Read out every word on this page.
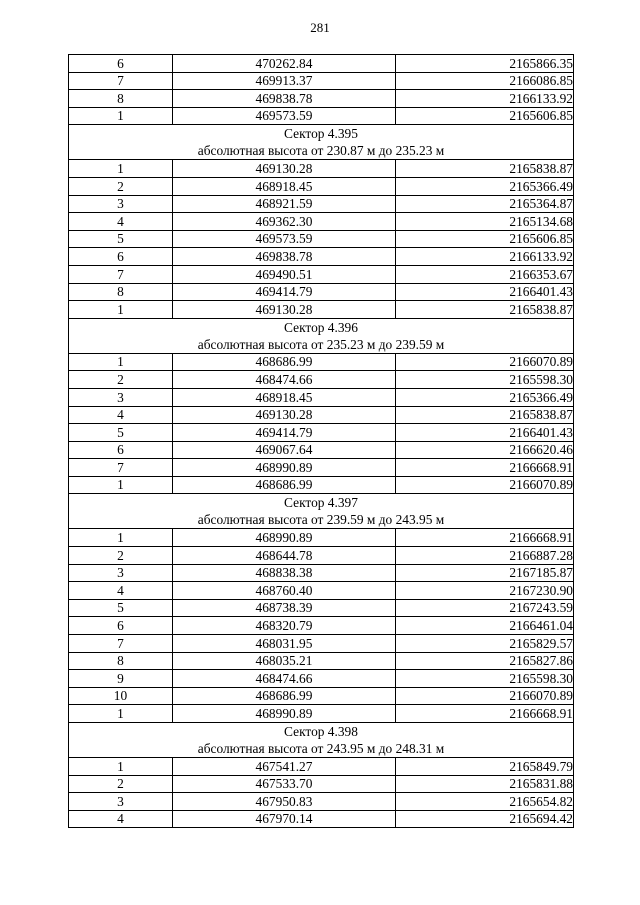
281
6	470262.84	2165866.35
7	469913.37	2166086.85
8	469838.78	2166133.92
1	469573.59	2165606.85

Сектор 4.395
абсолютная высота от 230.87 м до 235.23 м		

1	469130.28	2165838.87
2	468918.45	2165366.49
3	468921.59	2165364.87
4	469362.30	2165134.68
5	469573.59	2165606.85
6	469838.78	2166133.92
7	469490.51	2166353.67
8	469414.79	2166401.43
1	469130.28	2165838.87

Сектор 4.396
абсолютная высота от 235.23 м до 239.59 м		

1	468686.99	2166070.89
2	468474.66	2165598.30
3	468918.45	2165366.49
4	469130.28	2165838.87
5	469414.79	2166401.43
6	469067.64	2166620.46
7	468990.89	2166668.91
1	468686.99	2166070.89

Сектор 4.397
абсолютная высота от 239.59 м до 243.95 м		

1	468990.89	2166668.91
2	468644.78	2166887.28
3	468838.38	2167185.87
4	468760.40	2167230.90
5	468738.39	2167243.59
6	468320.79	2166461.04
7	468031.95	2165829.57
8	468035.21	2165827.86
9	468474.66	2165598.30
10	468686.99	2166070.89
1	468990.89	2166668.91

Сектор 4.398
абсолютная высота от 243.95 м до 248.31 м		

1	467541.27	2165849.79
2	467533.70	2165831.88
3	467950.83	2165654.82
4	467970.14	2165694.42
